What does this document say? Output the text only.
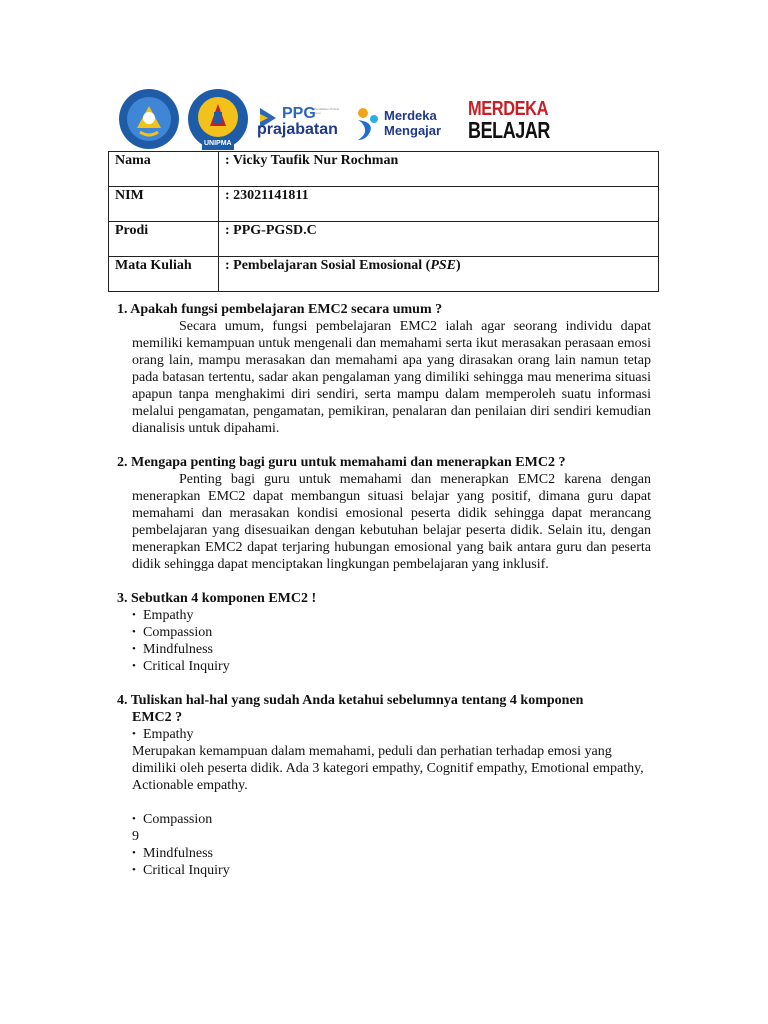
UNIPMA
PPG
Pendidikan Profesi Guru
prajabatan
Merdeka
Mengajar
MERDEKA
BELAJAR
Nama	: Vicky Taufik Nur Rochman
NIM	: 23021141811
Prodi	: PPG-PGSD.C
Mata Kuliah	: Pembelajaran Sosial Emosional (PSE)

1. Apakah fungsi pembelajaran EMC2 secara umum ?

Secara umum, fungsi pembelajaran EMC2 ialah agar seorang individu dapat memiliki kemampuan untuk mengenali dan memahami serta ikut merasakan perasaan emosi orang lain, mampu merasakan dan memahami apa yang dirasakan orang lain namun tetap pada batasan tertentu, sadar akan pengalaman yang dimiliki sehingga mau menerima situasi apapun tanpa menghakimi diri sendiri, serta mampu dalam memperoleh suatu informasi melalui pengamatan, pengamatan, pemikiran, penalaran dan penilaian diri sendiri kemudian dianalisis untuk dipahami.

2. Mengapa penting bagi guru untuk memahami dan menerapkan EMC2 ?

Penting bagi guru untuk memahami dan menerapkan EMC2 karena dengan menerapkan EMC2 dapat membangun situasi belajar yang positif, dimana guru dapat memahami dan merasakan kondisi emosional peserta didik sehingga dapat merancang pembelajaran yang disesuaikan dengan kebutuhan belajar peserta didik. Selain itu, dengan menerapkan EMC2 dapat terjaring hubungan emosional yang baik antara guru dan peserta didik sehingga dapat menciptakan lingkungan pembelajaran yang inklusif.

3. Sebutkan 4 komponen EMC2 !

• Empathy
• Compassion
• Mindfulness
• Critical Inquiry

4. Tuliskan hal-hal yang sudah Anda ketahui sebelumnya tentang 4 komponen
EMC2 ?

• Empathy

Merupakan kemampuan dalam memahami, peduli dan perhatian terhadap emosi yang dimiliki oleh peserta didik. Ada 3 kategori empathy, Cognitif empathy, Emotional empathy, Actionable empathy.

• Compassion

9

• Mindfulness
• Critical Inquiry
